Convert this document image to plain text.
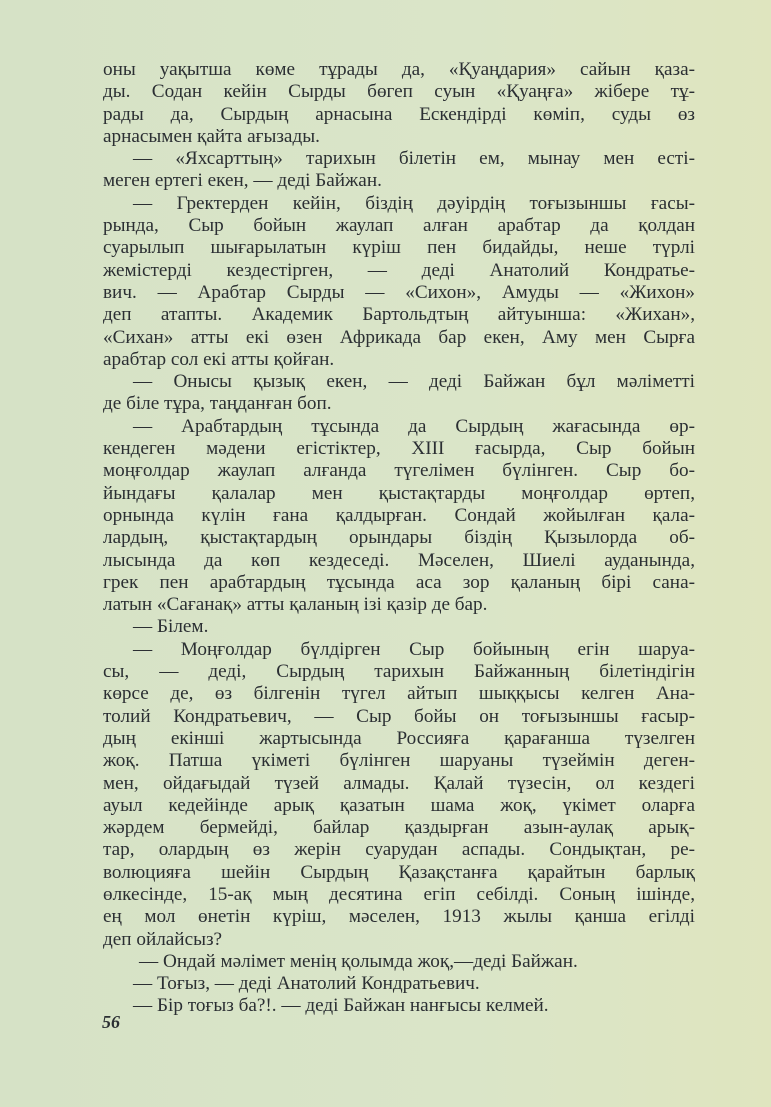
оны уақытша көме тұрады да, «Қуаңдария» сайын қаза-
ды. Содан кейін Сырды бөгеп суын «Қуаңға» жібере тұ-
рады да, Сырдың арнасына Ескендірді көміп, суды өз
арнасымен қайта ағызады.
— «Яхсарттың» тарихын білетін ем, мынау мен есті-
меген ертегі екен, — деді Байжан.
— Гректерден кейін, біздің дәуірдің тоғызыншы ғасы-
рында, Сыр бойын жаулап алған арабтар да қолдан
суарылып шығарылатын күріш пен бидайды, неше түрлі
жемістерді кездестірген, — деді Анатолий Кондратье-
вич. — Арабтар Сырды — «Сихон», Амуды — «Жихон»
деп атапты. Академик Бартольдтың айтуынша: «Жихан»,
«Сихан» атты екі өзен Африкада бар екен, Аму мен Сырға
арабтар сол екі атты қойған.
— Онысы қызық екен, — деді Байжан бұл мәліметті
де біле тұра, таңданған боп.
— Арабтардың тұсында да Сырдың жағасында өр-
кендеген мәдени егістіктер, XIII ғасырда, Сыр бойын
моңғолдар жаулап алғанда түгелімен бүлінген. Сыр бо-
йындағы қалалар мен қыстақтарды моңғолдар өртеп,
орнында күлін ғана қалдырған. Сондай жойылған қала-
лардың, қыстақтардың орындары біздің Қызылорда об-
лысында да көп кездеседі. Мәселен, Шиелі ауданында,
грек пен арабтардың тұсында аса зор қаланың бірі сана-
латын «Сағанақ» атты қаланың ізі қазір де бар.
— Білем.
— Моңғолдар бүлдірген Сыр бойының егін шаруа-
сы, — деді, Сырдың тарихын Байжанның білетіндігін
көрсе де, өз білгенін түгел айтып шыққысы келген Ана-
толий Кондратьевич, — Сыр бойы он тоғызыншы ғасыр-
дың екінші жартысында Россияға қарағанша түзелген
жоқ. Патша үкіметі бүлінген шаруаны түзеймін деген-
мен, ойдағыдай түзей алмады. Қалай түзесін, ол кездегі
ауыл кедейінде арық қазатын шама жоқ, үкімет оларға
жәрдем бермейді, байлар қаздырған азын-аулақ арық-
тар, олардың өз жерін суарудан аспады. Сондықтан, ре-
волюцияға шейін Сырдың Қазақстанға қарайтын барлық
өлкесінде, 15-ақ мың десятина егіп себілді. Соның ішінде,
ең мол өнетін күріш, мәселен, 1913 жылы қанша егілді
деп ойлайсыз?
— Ондай мәлімет менің қолымда жоқ,—деді Байжан.
— Тоғыз, — деді Анатолий Кондратьевич.
— Бір тоғыз ба?!. — деді Байжан нанғысы келмей.
56
